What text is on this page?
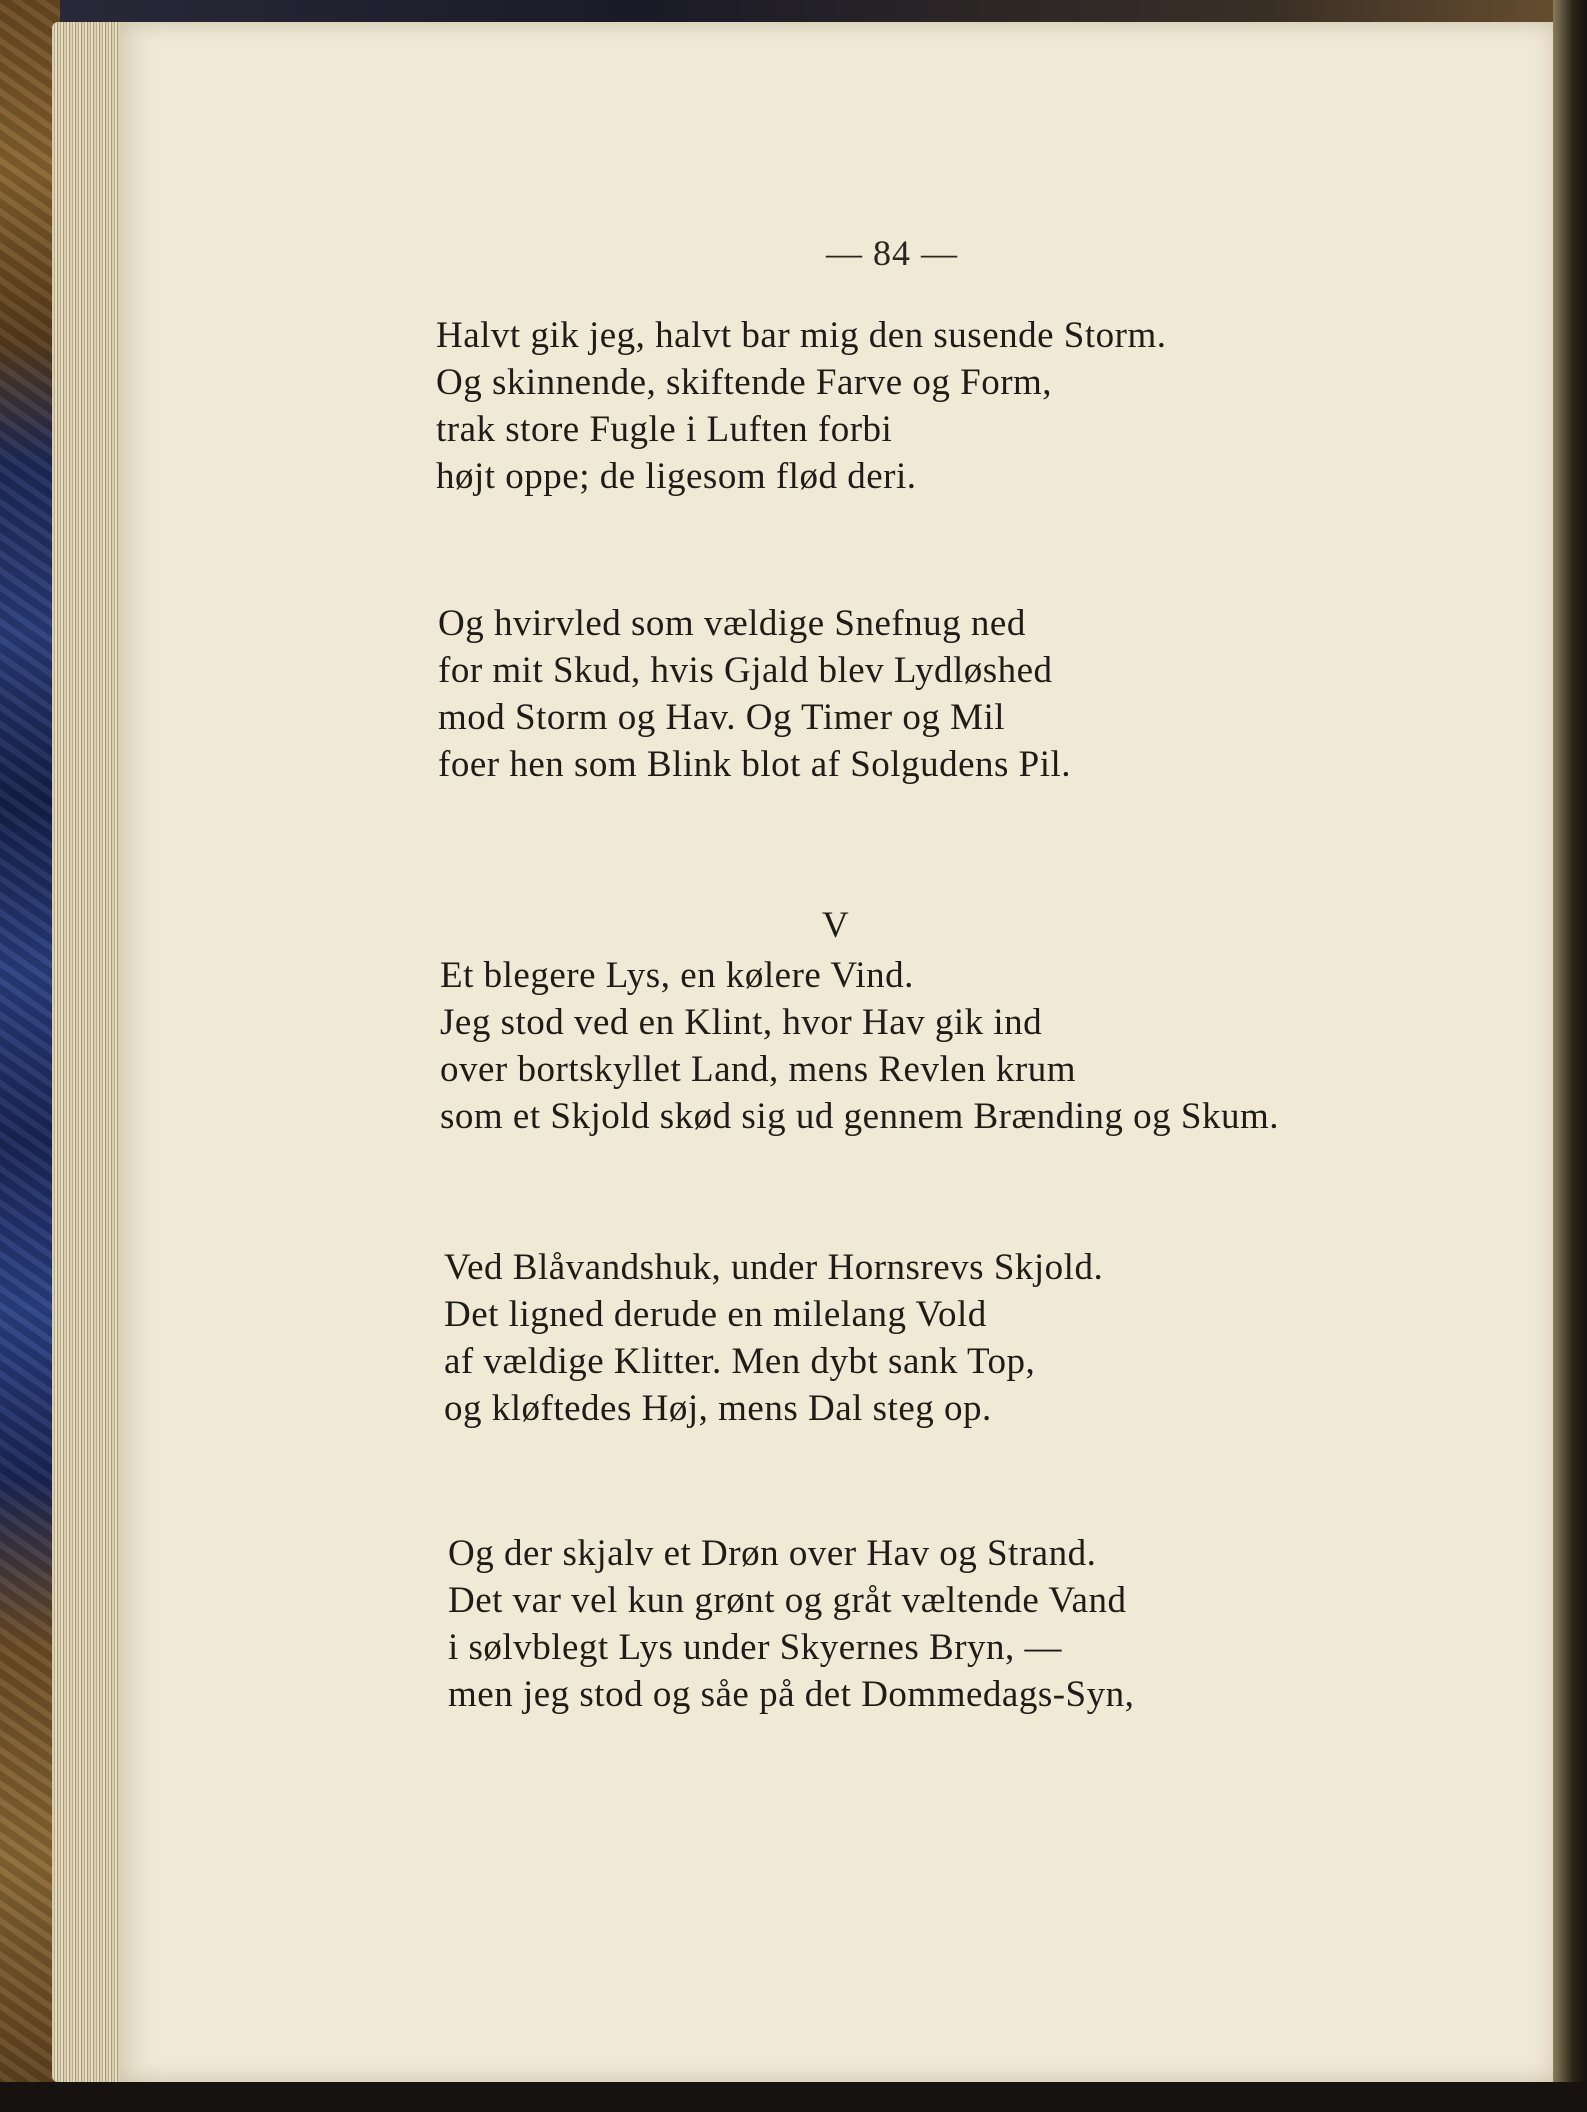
— 84 —
Halvt gik jeg, halvt bar mig den susende Storm.
Og skinnende, skiftende Farve og Form,
trak store Fugle i Luften forbi
højt oppe; de ligesom flød deri.
Og hvirvled som vældige Snefnug ned
for mit Skud, hvis Gjald blev Lydløshed
mod Storm og Hav. Og Timer og Mil
foer hen som Blink blot af Solgudens Pil.
V
Et blegere Lys, en kølere Vind.
Jeg stod ved en Klint, hvor Hav gik ind
over bortskyllet Land, mens Revlen krum
som et Skjold skød sig ud gennem Brænding og Skum.
Ved Blåvandshuk, under Hornsrevs Skjold.
Det ligned derude en milelang Vold
af vældige Klitter. Men dybt sank Top,
og kløftedes Høj, mens Dal steg op.
Og der skjalv et Drøn over Hav og Strand.
Det var vel kun grønt og gråt væltende Vand
i sølvblegt Lys under Skyernes Bryn, —
men jeg stod og såe på det Dommedags-Syn,
